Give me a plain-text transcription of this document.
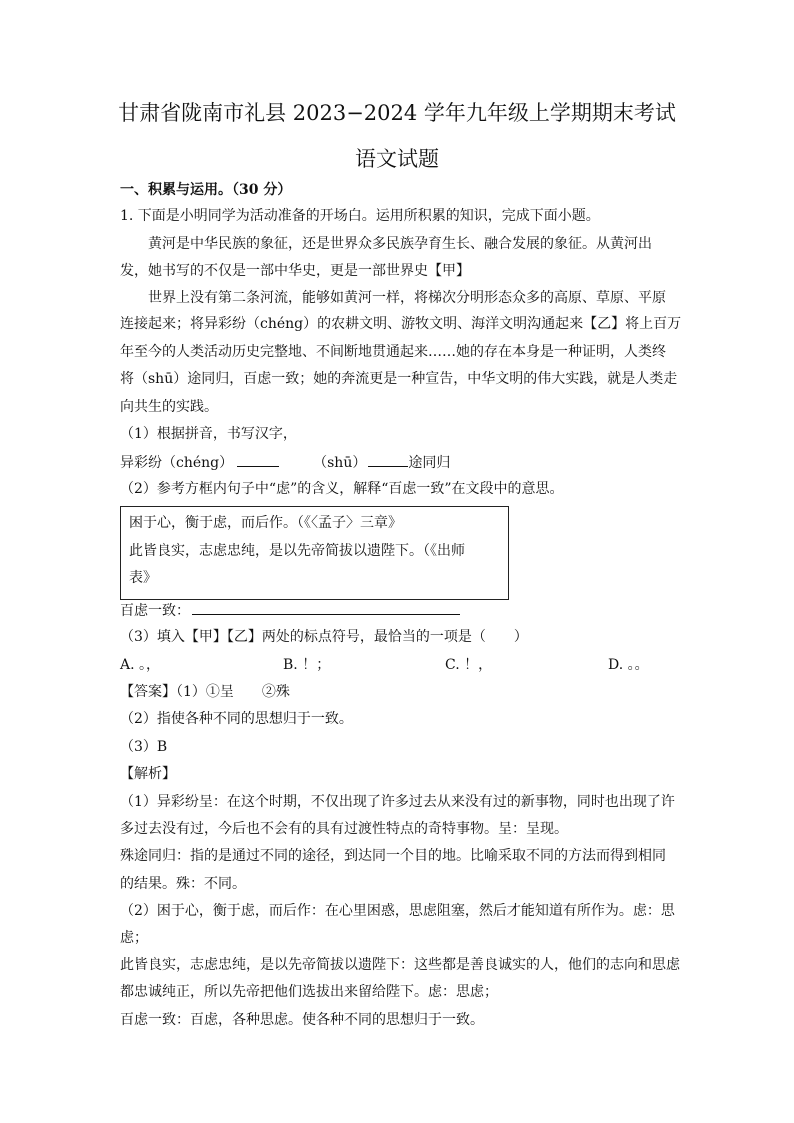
甘肃省陇南市礼县 2023−2024 学年九年级上学期期末考试
语文试题
一、积累与运用。（30 分）
1. 下面是小明同学为活动准备的开场白。运用所积累的知识，完成下面小题。
黄河是中华民族的象征，还是世界众多民族孕育生长、融合发展的象征。从黄河出
发，她书写的不仅是一部中华史，更是一部世界史【甲】
世界上没有第二条河流，能够如黄河一样，将梯次分明形态众多的高原、草原、平原
连接起来；将异彩纷（chéng）的农耕文明、游牧文明、海洋文明沟通起来【乙】将上百万
年至今的人类活动历史完整地、不间断地贯通起来……她的存在本身是一种证明，人类终
将（shū）途同归，百虑一致；她的奔流更是一种宣告，中华文明的伟大实践，就是人类走
向共生的实践。
（1）根据拼音，书写汉字，
异彩纷（chéng）	（shū）	途同归
（2）参考方框内句子中“虑”的含义，解释“百虑一致”在文段中的意思。
困于心，衡于虑，而后作。（《〈孟子〉三章》
此皆良实，志虑忠纯，是以先帝简拔以遗陛下。（《出师
表》
百虑一致：
（3）填入【甲】【乙】两处的标点符号，最恰当的一项是（　　）
A. 。，	B. ！；	C. ！，	D. 。。
【答案】（1）①呈　　②殊
（2）指使各种不同的思想归于一致。
（3）B
【解析】
（1）异彩纷呈：在这个时期，不仅出现了许多过去从来没有过的新事物，同时也出现了许
多过去没有过，今后也不会有的具有过渡性特点的奇特事物。呈：呈现。
殊途同归：指的是通过不同的途径，到达同一个目的地。比喻采取不同的方法而得到相同
的结果。殊：不同。
（2）困于心，衡于虑，而后作：在心里困惑，思虑阻塞，然后才能知道有所作为。虑：思
虑；
此皆良实，志虑忠纯，是以先帝简拔以遗陛下：这些都是善良诚实的人，他们的志向和思虑
都忠诚纯正，所以先帝把他们选拔出来留给陛下。虑：思虑；
百虑一致：百虑，各种思虑。使各种不同的思想归于一致。
